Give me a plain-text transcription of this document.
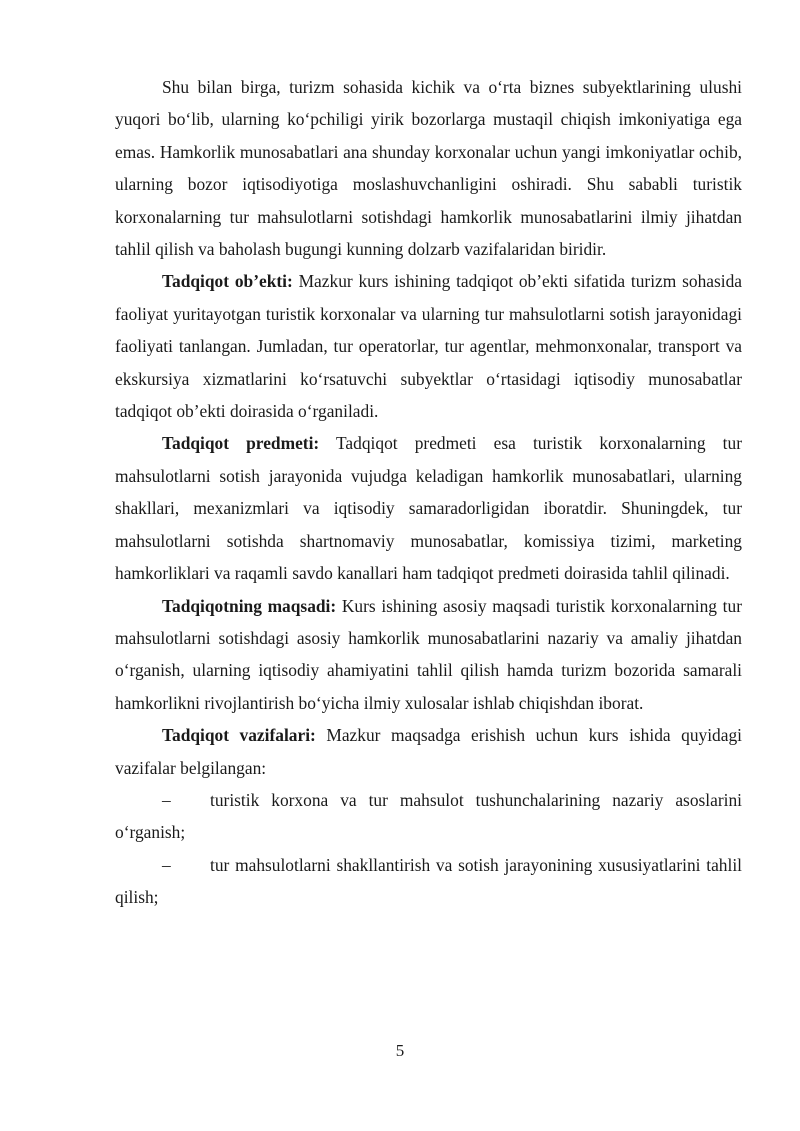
Shu bilan birga, turizm sohasida kichik va o‘rta biznes subyektlarining ulushi yuqori bo‘lib, ularning ko‘pchiligi yirik bozorlarga mustaqil chiqish imkoniyatiga ega emas. Hamkorlik munosabatlari ana shunday korxonalar uchun yangi imkoniyatlar ochib, ularning bozor iqtisodiyotiga moslashuvchanligini oshiradi. Shu sababli turistik korxonalarning tur mahsulotlarni sotishdagi hamkorlik munosabatlarini ilmiy jihatdan tahlil qilish va baholash bugungi kunning dolzarb vazifalaridan biridir.

Tadqiqot ob’ekti: Mazkur kurs ishining tadqiqot ob’ekti sifatida turizm sohasida faoliyat yuritayotgan turistik korxonalar va ularning tur mahsulotlarni sotish jarayonidagi faoliyati tanlangan. Jumladan, tur operatorlar, tur agentlar, mehmonxonalar, transport va ekskursiya xizmatlarini ko‘rsatuvchi subyektlar o‘rtasidagi iqtisodiy munosabatlar tadqiqot ob’ekti doirasida o‘rganiladi.

Tadqiqot predmeti: Tadqiqot predmeti esa turistik korxonalarning tur mahsulotlarni sotish jarayonida vujudga keladigan hamkorlik munosabatlari, ularning shakllari, mexanizmlari va iqtisodiy samaradorligidan iboratdir. Shuningdek, tur mahsulotlarni sotishda shartnomaviy munosabatlar, komissiya tizimi, marketing hamkorliklari va raqamli savdo kanallari ham tadqiqot predmeti doirasida tahlil qilinadi.

Tadqiqotning maqsadi: Kurs ishining asosiy maqsadi turistik korxonalarning tur mahsulotlarni sotishdagi asosiy hamkorlik munosabatlarini nazariy va amaliy jihatdan o‘rganish, ularning iqtisodiy ahamiyatini tahlil qilish hamda turizm bozorida samarali hamkorlikni rivojlantirish bo‘yicha ilmiy xulosalar ishlab chiqishdan iborat.

Tadqiqot vazifalari: Mazkur maqsadga erishish uchun kurs ishida quyidagi vazifalar belgilangan:

– turistik korxona va tur mahsulot tushunchalarining nazariy asoslarini o‘rganish;

– tur mahsulotlarni shakllantirish va sotish jarayonining xususiyatlarini tahlil qilish;

5
